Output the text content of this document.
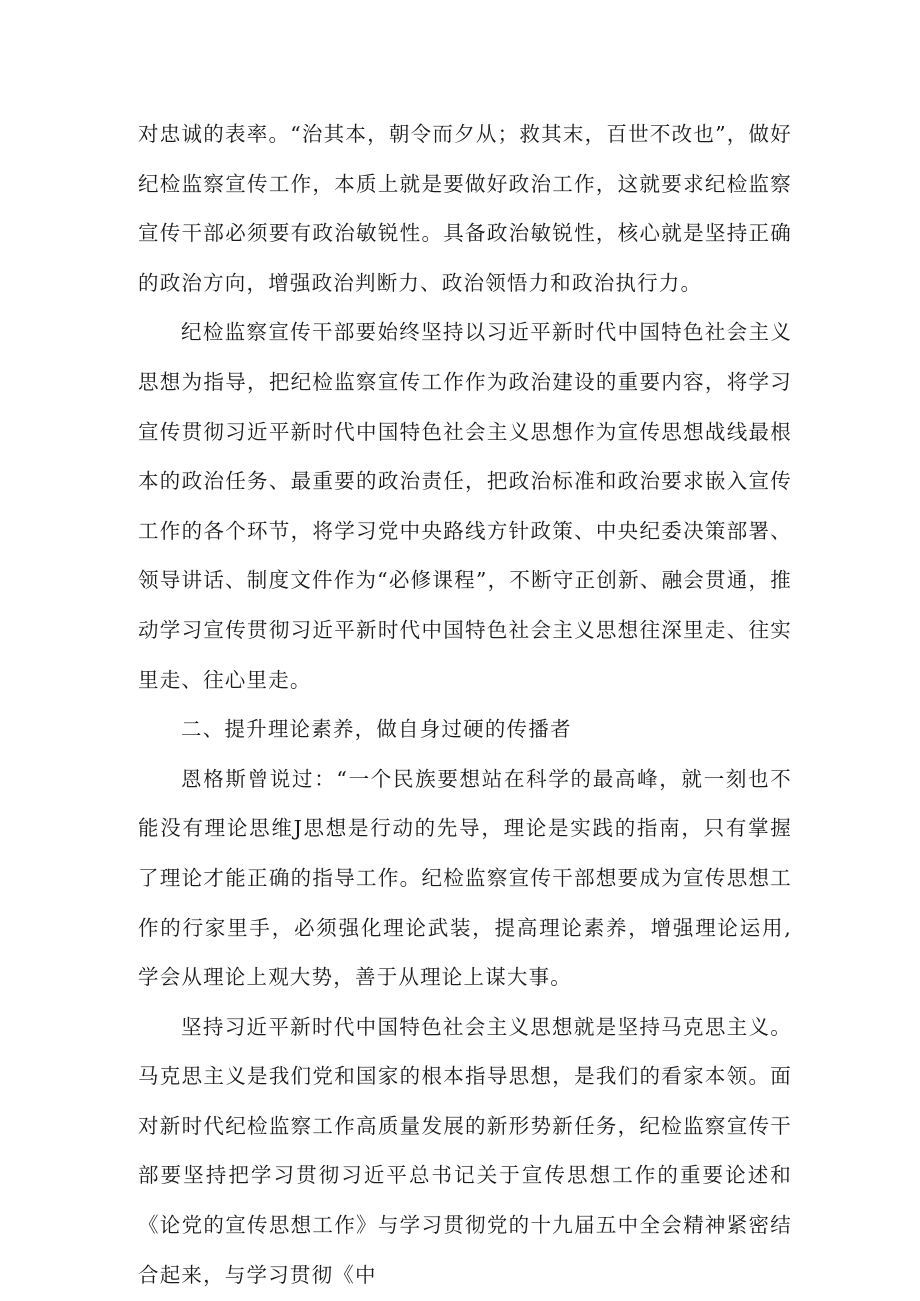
对忠诚的表率。“治其本，朝令而夕从；救其末，百世不改也”，做好纪检监察宣传工作，本质上就是要做好政治工作，这就要求纪检监察宣传干部必须要有政治敏锐性。具备政治敏锐性，核心就是坚持正确的政治方向，增强政治判断力、政治领悟力和政治执行力。

纪检监察宣传干部要始终坚持以习近平新时代中国特色社会主义思想为指导，把纪检监察宣传工作作为政治建设的重要内容，将学习宣传贯彻习近平新时代中国特色社会主义思想作为宣传思想战线最根本的政治任务、最重要的政治责任，把政治标准和政治要求嵌入宣传工作的各个环节，将学习党中央路线方针政策、中央纪委决策部署、领导讲话、制度文件作为“必修课程”，不断守正创新、融会贯通，推动学习宣传贯彻习近平新时代中国特色社会主义思想往深里走、往实里走、往心里走。

二、提升理论素养，做自身过硬的传播者

恩格斯曾说过：“一个民族要想站在科学的最高峰，就一刻也不能没有理论思维J思想是行动的先导，理论是实践的指南，只有掌握了理论才能正确的指导工作。纪检监察宣传干部想要成为宣传思想工作的行家里手，必须强化理论武装，提高理论素养，增强理论运用,学会从理论上观大势，善于从理论上谋大事。

坚持习近平新时代中国特色社会主义思想就是坚持马克思主义。马克思主义是我们党和国家的根本指导思想，是我们的看家本领。面对新时代纪检监察工作高质量发展的新形势新任务，纪检监察宣传干部要坚持把学习贯彻习近平总书记关于宣传思想工作的重要论述和《论党的宣传思想工作》与学习贯彻党的十九届五中全会精神紧密结合起来，与学习贯彻《中
